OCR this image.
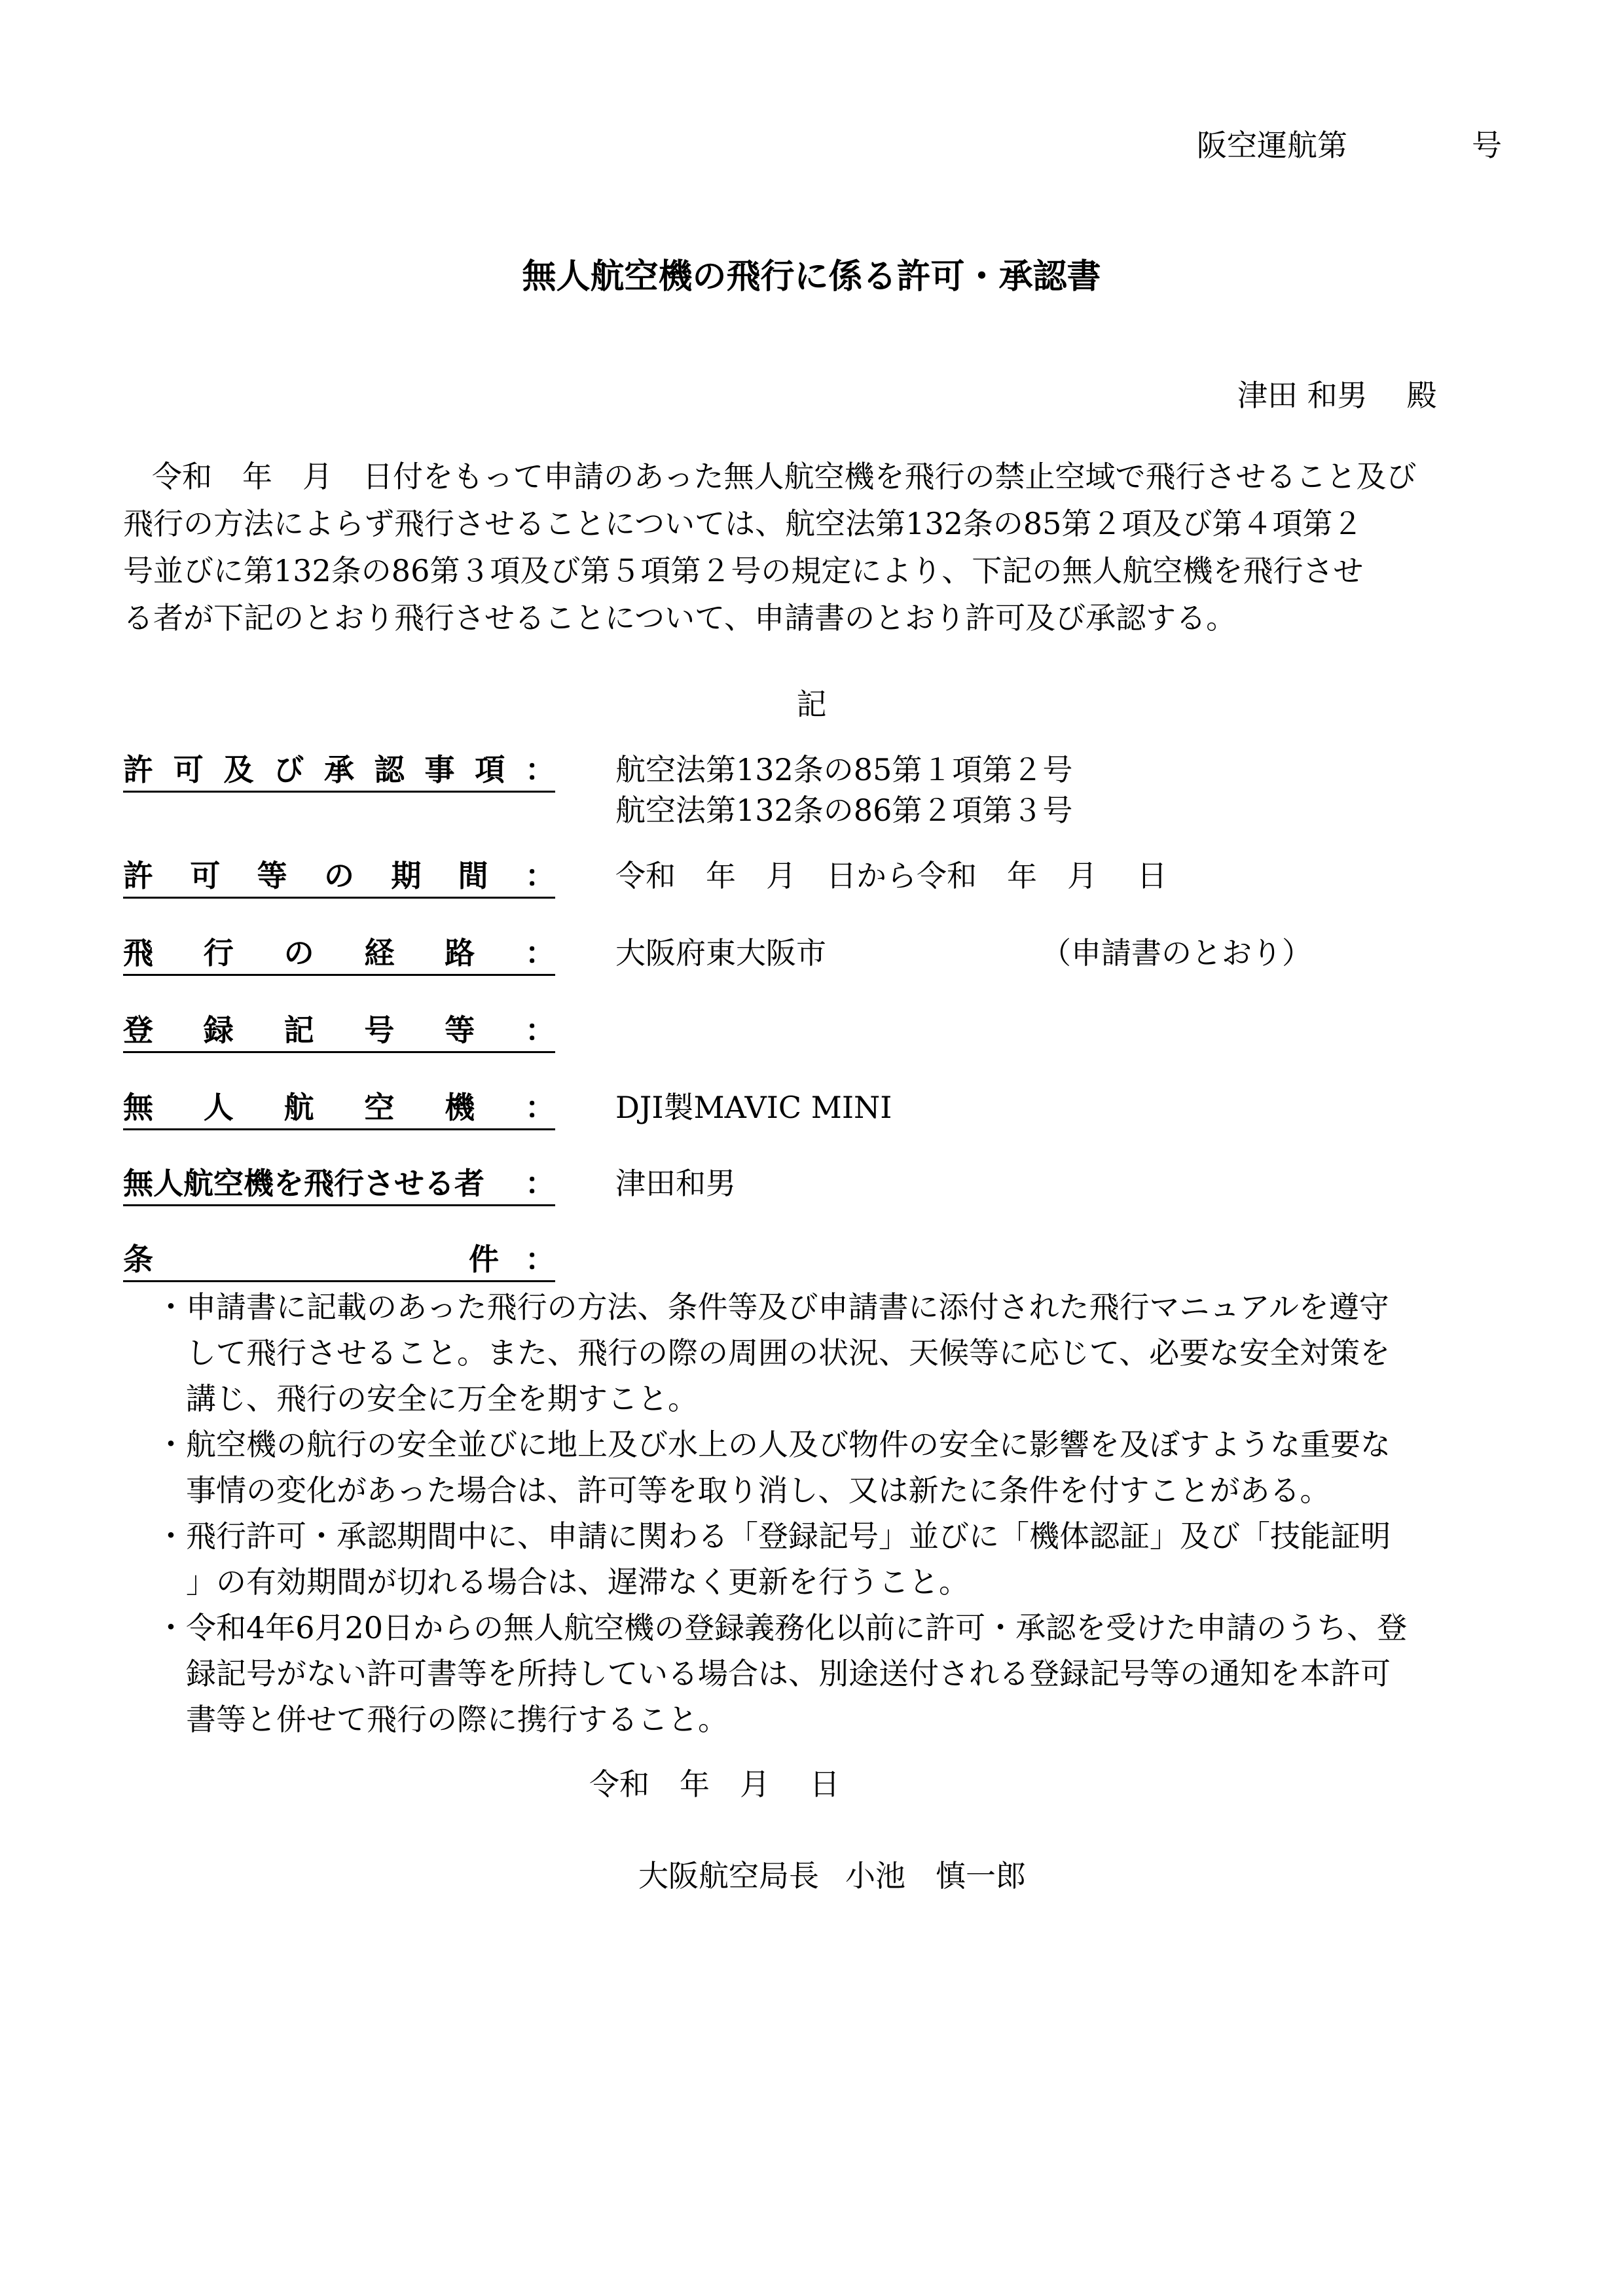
阪空運航第	号
無人航空機の飛行に係る許可・承認書
津田 和男 殿
令和　年　月　日付をもって申請のあった無人航空機を飛行の禁止空域で飛行させること及び
飛行の方法によらず飛行させることについては、航空法第132条の85第２項及び第４項第２
号並びに第132条の86第３項及び第５項第２号の規定により、下記の無人航空機を飛行させ
る者が下記のとおり飛行させることについて、申請書のとおり許可及び承認する。
記
許 可 及 び 承 認 事 項 ： 航空法第132条の85第１項第２号
航空法第132条の86第２項第３号
許 可 等 の 期 間 ： 令和　年　月　日から令和　年　月　 日
飛 行 の 経 路 ： 大阪府東大阪市	（申請書のとおり）
登 録 記 号 等 ：
無 人 航 空 機 ： DJI製MAVIC MINI
無人航空機を飛行させる者 ： 津田和男
条	件 ：
・申請書に記載のあった飛行の方法、条件等及び申請書に添付された飛行マニュアルを遵守
　して飛行させること。また、飛行の際の周囲の状況、天候等に応じて、必要な安全対策を
　講じ、飛行の安全に万全を期すこと。
・航空機の航行の安全並びに地上及び水上の人及び物件の安全に影響を及ぼすような重要な
　事情の変化があった場合は、許可等を取り消し、又は新たに条件を付すことがある。
・飛行許可・承認期間中に、申請に関わる「登録記号」並びに「機体認証」及び「技能証明
　」の有効期間が切れる場合は、遅滞なく更新を行うこと。
・令和4年6月20日からの無人航空機の登録義務化以前に許可・承認を受けた申請のうち、登
　録記号がない許可書等を所持している場合は、別途送付される登録記号等の通知を本許可
　書等と併せて飛行の際に携行すること。
令和　年　月　 日
大阪航空局長 小池　慎一郎
